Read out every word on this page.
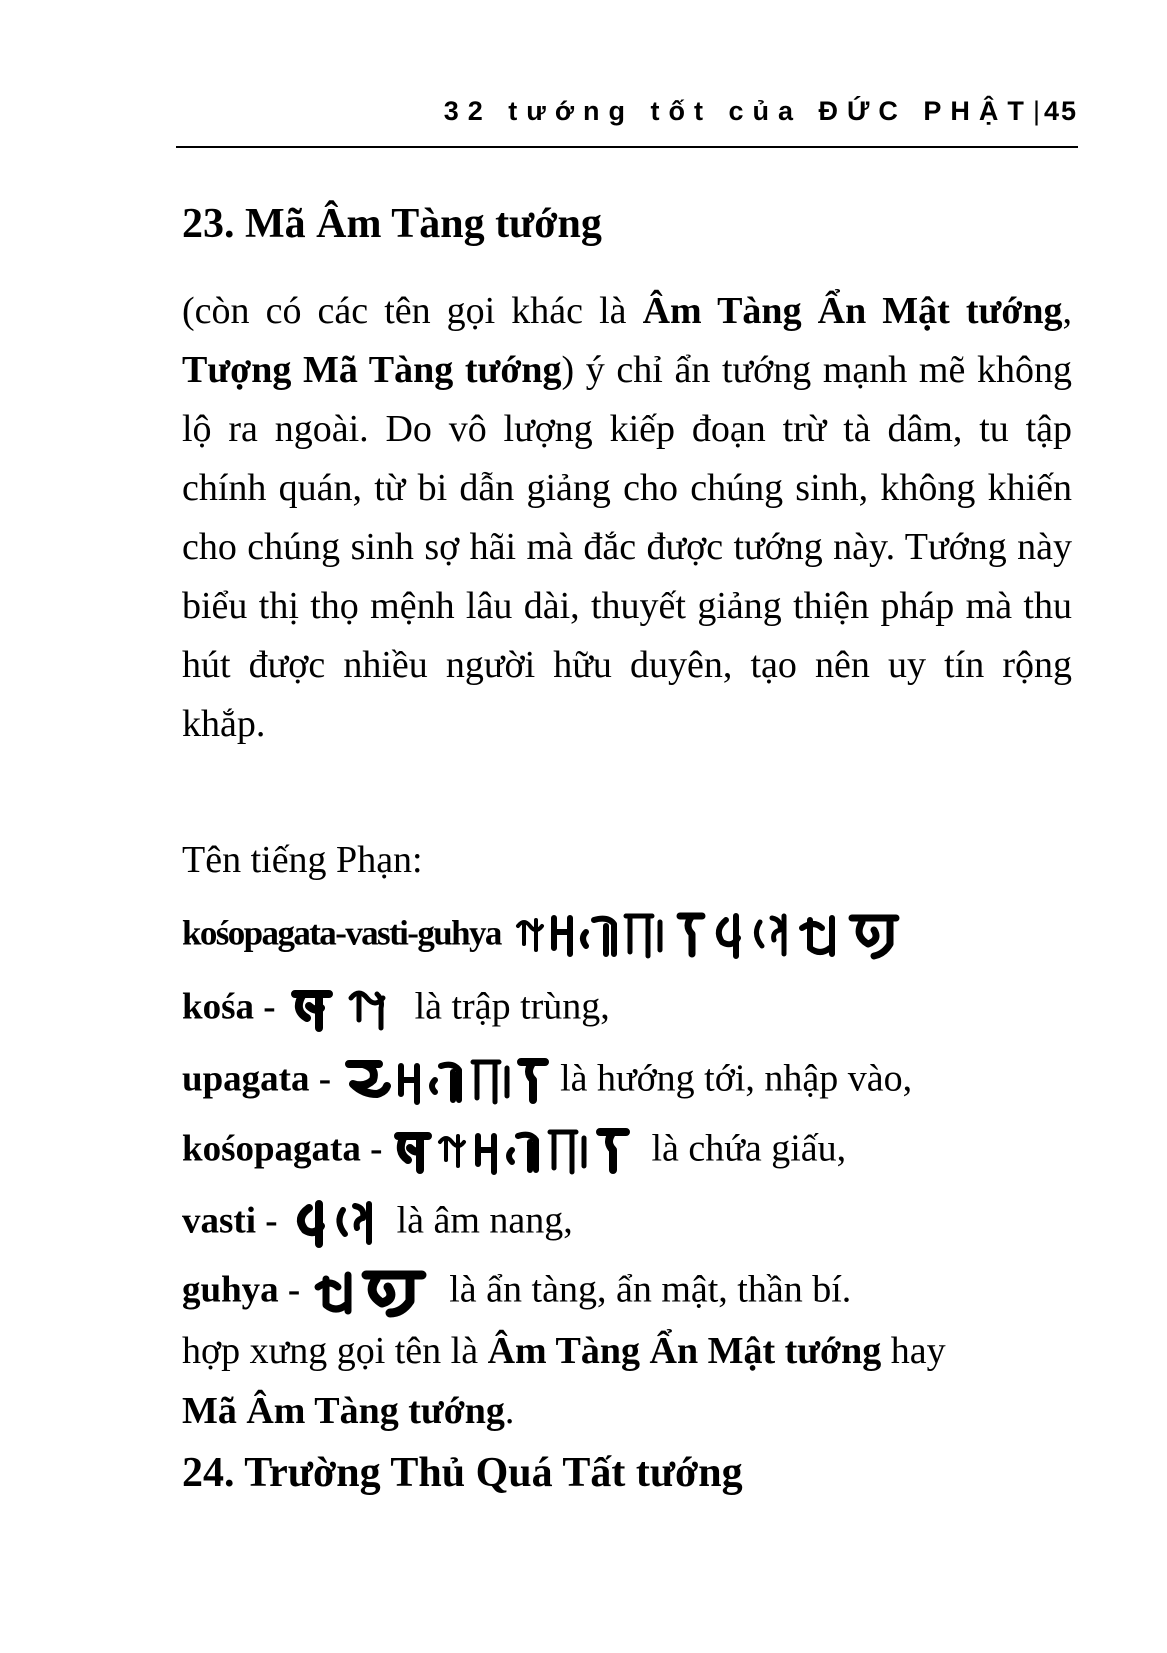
32 tướng tốt của ĐỨC PHẬT|45
23. Mã Âm Tàng tướng
(còn có các tên gọi khác là Âm Tàng Ẩn Mật tướng, Tượng Mã Tàng tướng) ý chỉ ẩn tướng mạnh mẽ không lộ ra ngoài. Do vô lượng kiếp đoạn trừ tà dâm, tu tập chính quán, từ bi dẫn giảng cho chúng sinh, không khiến cho chúng sinh sợ hãi mà đắc được tướng này. Tướng này biểu thị thọ mệnh lâu dài, thuyết giảng thiện pháp mà thu hút được nhiều người hữu duyên, tạo nên uy tín rộng khắp.
Tên tiếng Phạn:
kośopagata-vasti-guhya
kośa -	là trập trùng,
upagata -	là hướng tới, nhập vào,
kośopagata -	là chứa giấu,
vasti -	là âm nang,
guhya -	là ẩn tàng, ẩn mật, thần bí.
hợp xưng gọi tên là Âm Tàng Ẩn Mật tướng hay
Mã Âm Tàng tướng.
24. Trường Thủ Quá Tất tướng
